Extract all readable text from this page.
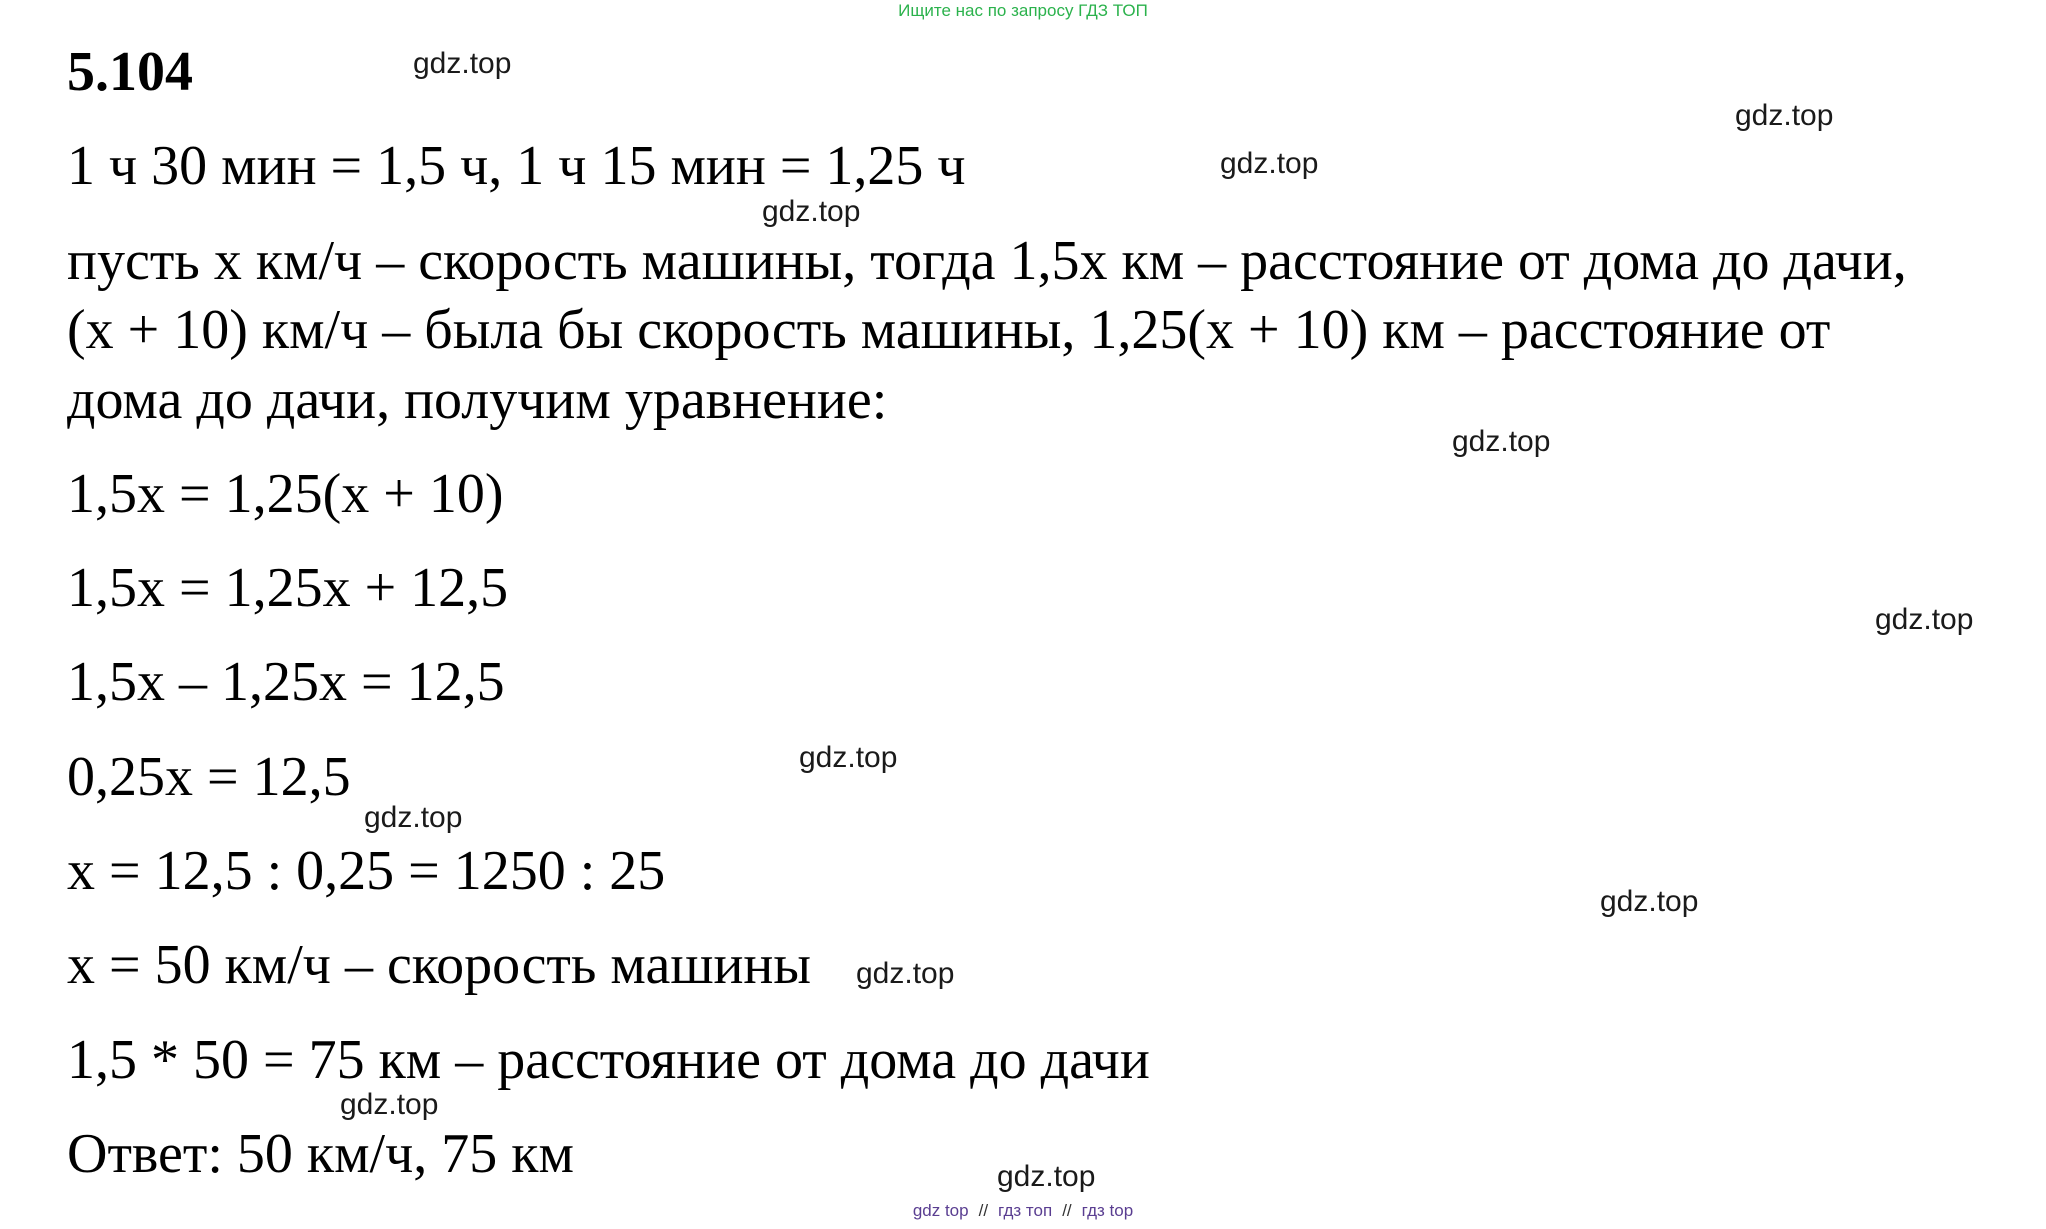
Ищите нас по запросу ГДЗ ТОП
5.104
1 ч 30 мин = 1,5 ч, 1 ч 15 мин = 1,25 ч
пусть х км/ч – скорость машины, тогда 1,5х км – расстояние от дома до дачи,
(х + 10) км/ч – была бы скорость машины, 1,25(х + 10) км – расстояние от
дома до дачи, получим уравнение:
1,5х = 1,25(х + 10)
1,5х = 1,25х + 12,5
1,5х – 1,25х = 12,5
0,25х = 12,5
х = 12,5 : 0,25 = 1250 : 25
х = 50 км/ч – скорость машины
1,5 * 50 = 75 км – расстояние от дома до дачи
Ответ: 50 км/ч, 75 км
gdz.top
gdz.top
gdz.top
gdz.top
gdz.top
gdz.top
gdz.top
gdz.top
gdz.top
gdz.top
gdz.top
gdz.top
gdz top // гдз топ // гдз top
